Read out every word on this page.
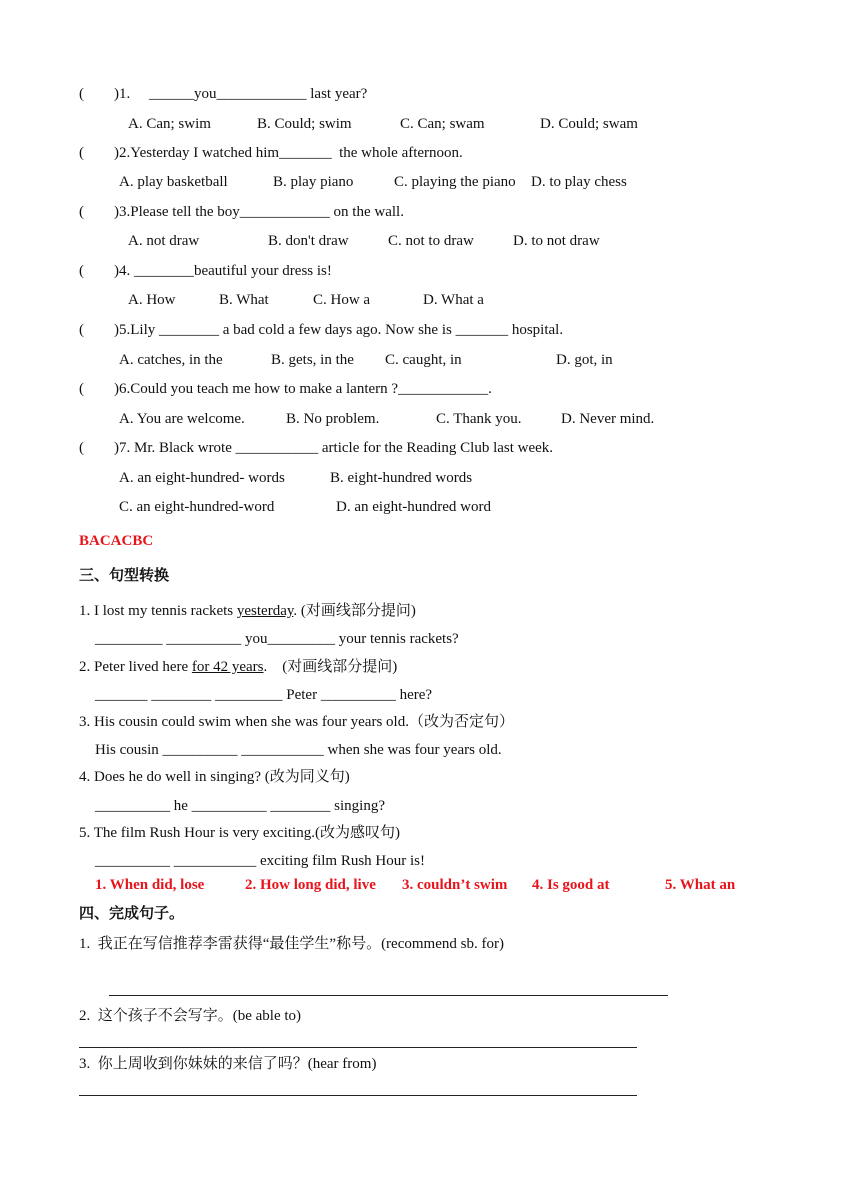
(        )1.     ______you____________ last year?
A. Can; swim	B. Could; swim	C. Can; swam	D. Could; swam
(        )2.Yesterday I watched him_______  the whole afternoon.
A. play basketball	B. play piano	C. playing the piano D. to play chess
(        )3.Please tell the boy____________ on the wall.
A. not draw	B. don't draw	C. not to draw	D. to not draw
(        )4. ________beautiful your dress is!
A. How	B. What	C. How a	D. What a
(        )5.Lily ________ a bad cold a few days ago. Now she is _______ hospital.
A. catches, in the	B. gets, in the C. caught, in	D. got, in
(        )6.Could you teach me how to make a lantern ?____________.
A. You are welcome.	B. No problem.	C. Thank you.	D. Never mind.
(        )7. Mr. Black wrote ___________ article for the Reading Club last week.
A. an eight-hundred- words	B. eight-hundred words
C. an eight-hundred-word	D. an eight-hundred word
BACACBC
三、句型转换
1. I lost my tennis rackets yesterday. (对画线部分提问)
_________ __________ you_________ your tennis rackets?
2. Peter lived here for 42 years.    (对画线部分提问)
_______ ________ _________ Peter __________ here?
3. His cousin could swim when she was four years old.（改为否定句）
His cousin __________ ___________ when she was four years old.
4. Does he do well in singing? (改为同义句)
__________ he __________ ________ singing?
5. The film Rush Hour is very exciting.(改为感叹句)
__________ ___________ exciting film Rush Hour is!
1. When did, lose	2. How long did, live 3. couldn’t swim 4. Is good at	5. What an
四、完成句子。
1.  我正在写信推荐李雷获得“最佳学生”称号。(recommend sb. for)
2.  这个孩子不会写字。(be able to)
3.  你上周收到你妹妹的来信了吗？(hear from)
